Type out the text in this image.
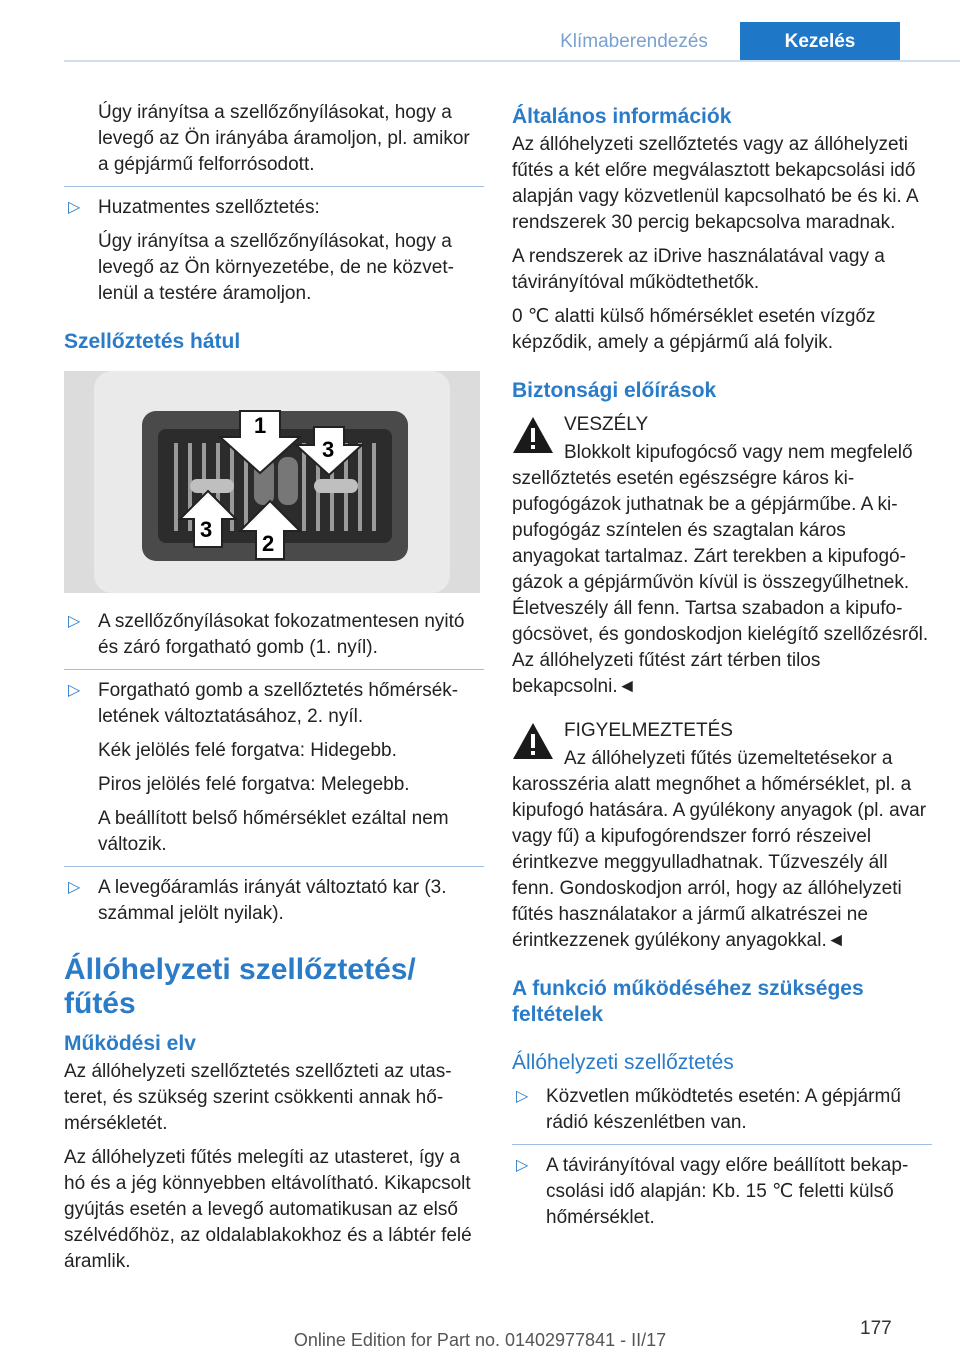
Klímaberendezés	Kezelés

Úgy irányítsa a szellőzőnyílásokat, hogy a levegő az Ön irányába áramoljon, pl. amikor a gépjármű felforrósodott.

▷ Huzatmentes szellőztetés:

Úgy irányítsa a szellőzőnyílásokat, hogy a levegő az Ön környezetébe, de ne közvetlenül a testére áramoljon.

Szellőztetés hátul
1
3
3
2
▷ A szellőzőnyílásokat fokozatmentesen nyitó és záró forgatható gomb (1. nyíl).
▷ Forgatható gomb a szellőztetés hőmérsékletének változtatásához, 2. nyíl.

Kék jelölés felé forgatva: Hidegebb.

Piros jelölés felé forgatva: Melegebb.

A beállított belső hőmérséklet ezáltal nem változik.

▷ A levegőáramlás irányát változtató kar (3. számmal jelölt nyilak).
Állóhelyzeti szellőztetés/ fűtés
Működési elv

Az állóhelyzeti szellőztetés szellőzteti az utasteret, és szükség szerint csökkenti annak hőmérsékletét.

Az állóhelyzeti fűtés melegíti az utasteret, így a hó és a jég könnyebben eltávolítható. Kikapcsolt gyújtás esetén a levegő automatikusan az első szélvédőhöz, az oldalablakokhoz és a lábtér felé áramlik.

Általános információk

Az állóhelyzeti szellőztetés vagy az állóhelyzeti fűtés a két előre megválasztott bekapcsolási idő alapján vagy közvetlenül kapcsolható be és ki. A rendszerek 30 percig bekapcsolva maradnak.

A rendszerek az iDrive használatával vagy a távirányítóval működtethetők.

0 ℃ alatti külső hőmérséklet esetén vízgőz képződik, amely a gépjármű alá folyik.

Biztonsági előírások

VESZÉLY

Blokkolt kipufogócső vagy nem megfelelő szellőztetés esetén egészségre káros kipufogógázok juthatnak be a gépjárműbe. A kipufogógáz színtelen és szagtalan káros anyagokat tartalmaz. Zárt terekben a kipufogógázok a gépjárművön kívül is összegyűlhetnek. Életveszély áll fenn. Tartsa szabadon a kipufogócsövet, és gondoskodjon kielégítő szellőzésről. Az állóhelyzeti fűtést zárt térben tilos bekapcsolni.◄

FIGYELMEZTETÉS

Az állóhelyzeti fűtés üzemeltetésekor a karosszéria alatt megnőhet a hőmérséklet, pl. a kipufogó hatására. A gyúlékony anyagok (pl. avar vagy fű) a kipufogórendszer forró részeivel érintkezve meggyulladhatnak. Tűzveszély áll fenn. Gondoskodjon arról, hogy az állóhelyzeti fűtés használatakor a jármű alkatrészei ne érintkezzenek gyúlékony anyagokkal.◄

A funkció működéséhez szükséges feltételek
Állóhelyzeti szellőztetés
▷ Közvetlen működtetés esetén: A gépjármű rádió készenlétben van.
▷ A távirányítóval vagy előre beállított bekapcsolási idő alapján: Kb. 15 ℃ feletti külső hőmérséklet.
177
Online Edition for Part no. 01402977841 - II/17
